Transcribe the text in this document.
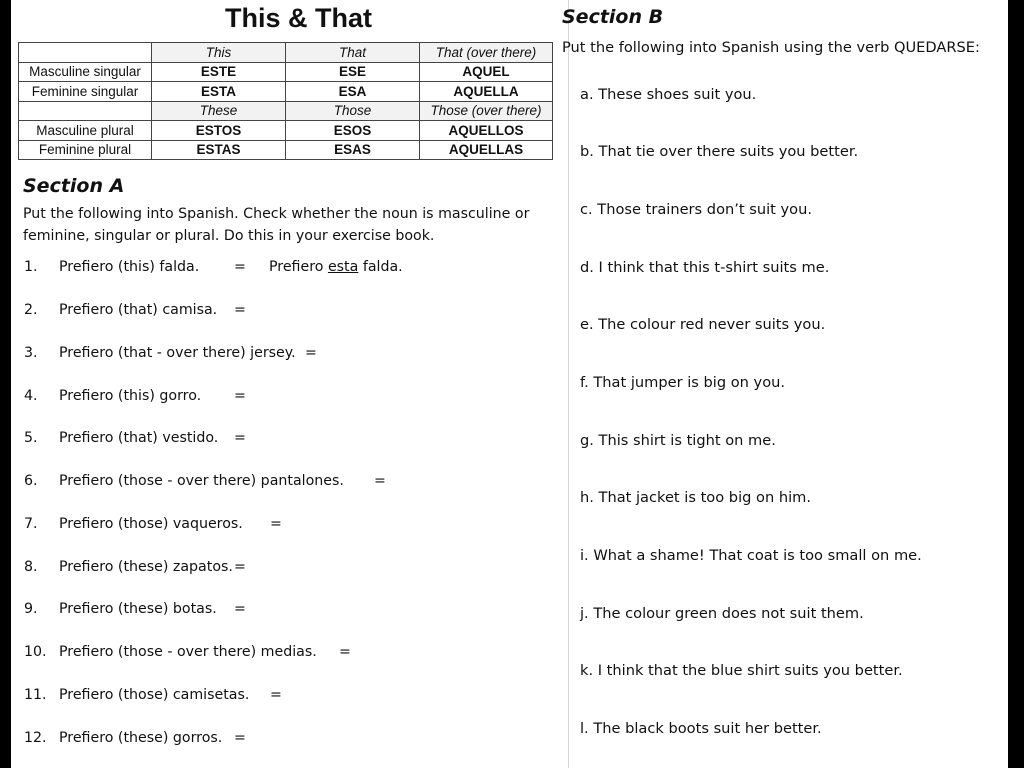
This & That
	This	That	That (over there)
Masculine singular	ESTE	ESE	AQUEL
Feminine singular	ESTA	ESA	AQUELLA
	These	Those	Those (over there)
Masculine plural	ESTOS	ESOS	AQUELLOS
Feminine plural	ESTAS	ESAS	AQUELLAS
Section A
Put the following into Spanish. Check whether the noun is masculine or feminine, singular or plural. Do this in your exercise book.
1. Prefiero (this) falda. = Prefiero esta falda.
2. Prefiero (that) camisa. =
3. Prefiero (that - over there) jersey. =
4. Prefiero (this) gorro. =
5. Prefiero (that) vestido. =
6. Prefiero (those - over there) pantalones. =
7. Prefiero (those) vaqueros. =
8. Prefiero (these) zapatos. =
9. Prefiero (these) botas. =
10. Prefiero (those - over there) medias. =
11. Prefiero (those) camisetas. =
12. Prefiero (these) gorros. =
Section B
Put the following into Spanish using the verb QUEDARSE:
a. These shoes suit you.
b. That tie over there suits you better.
c. Those trainers don’t suit you.
d. I think that this t-shirt suits me.
e. The colour red never suits you.
f. That jumper is big on you.
g. This shirt is tight on me.
h. That jacket is too big on him.
i. What a shame! That coat is too small on me.
j. The colour green does not suit them.
k. I think that the blue shirt suits you better.
l. The black boots suit her better.
